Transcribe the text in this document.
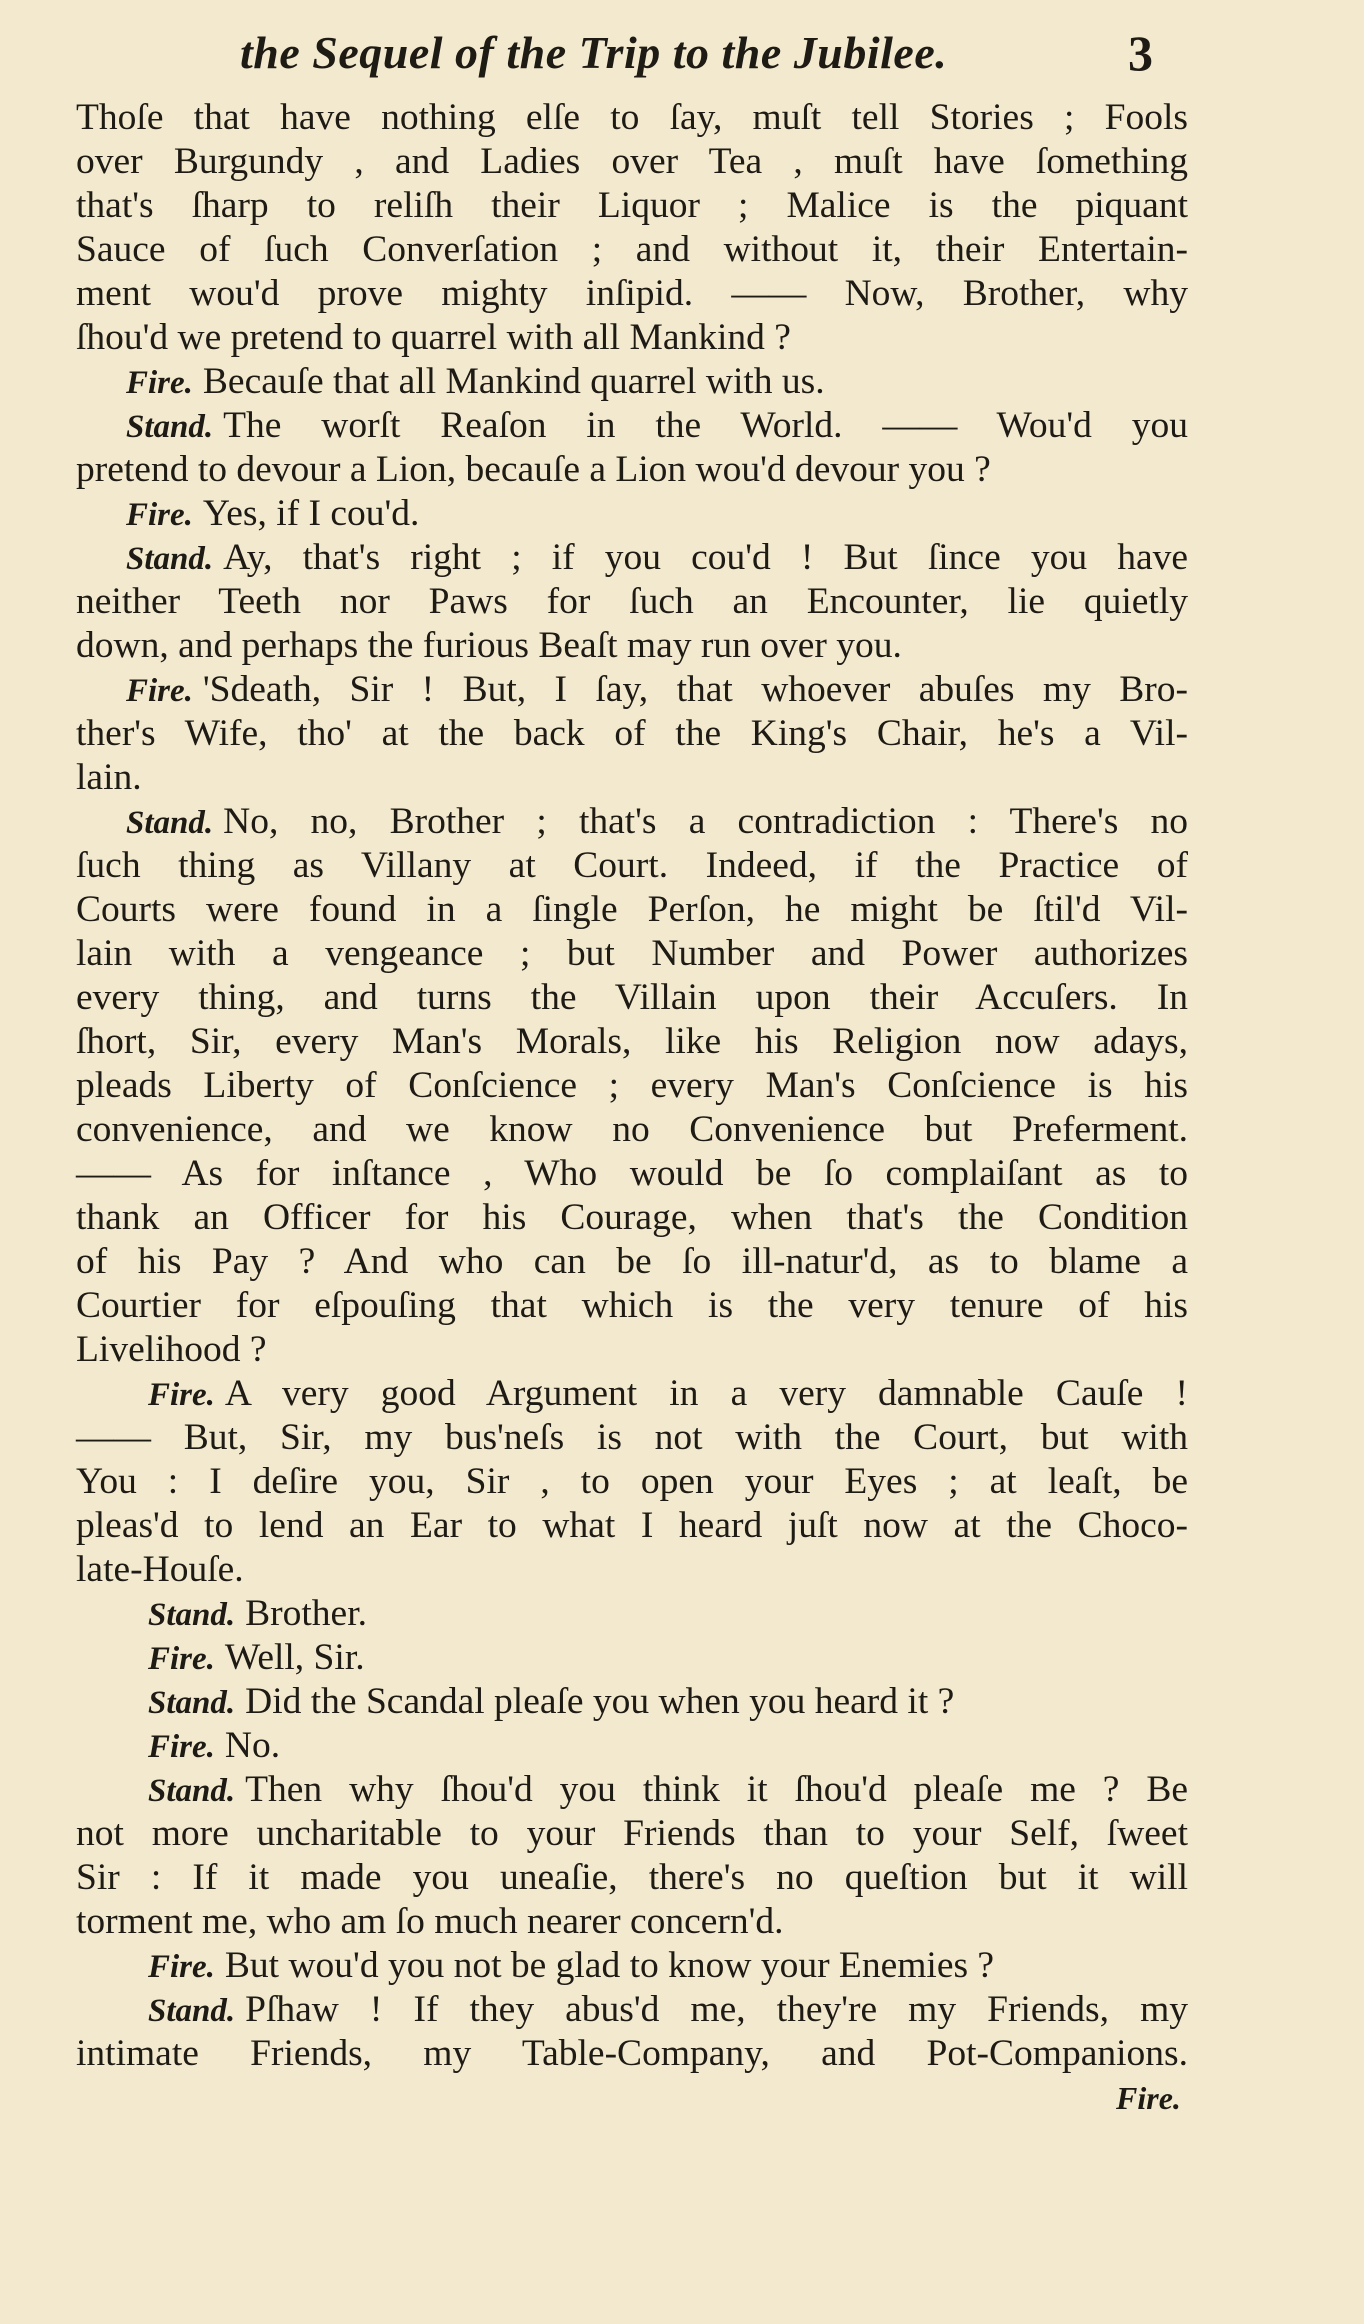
the Sequel of the Trip to the Jubilee.	3
Thoſe that have nothing elſe to ſay, muſt tell Stories ; Fools
over Burgundy , and Ladies over Tea , muſt have ſomething
that's ſharp to reliſh their Liquor ; Malice is the piquant
Sauce of ſuch Converſation ; and without it, their Entertain-
ment wou'd prove mighty inſipid. —— Now, Brother, why
ſhou'd we pretend to quarrel with all Mankind ?
Fire. Becauſe that all Mankind quarrel with us.
Stand. The worſt Reaſon in the World. —— Wou'd you
pretend to devour a Lion, becauſe a Lion wou'd devour you ?
Fire. Yes, if I cou'd.
Stand. Ay, that's right ; if you cou'd ! But ſince you have
neither Teeth nor Paws for ſuch an Encounter, lie quietly
down, and perhaps the furious Beaſt may run over you.
Fire. 'Sdeath, Sir ! But, I ſay, that whoever abuſes my Bro-
ther's Wife, tho' at the back of the King's Chair, he's a Vil-
lain.
Stand. No, no, Brother ; that's a contradiction : There's no
ſuch thing as Villany at Court. Indeed, if the Practice of
Courts were found in a ſingle Perſon, he might be ſtil'd Vil-
lain with a vengeance ; but Number and Power authorizes
every thing, and turns the Villain upon their Accuſers. In
ſhort, Sir, every Man's Morals, like his Religion now adays,
pleads Liberty of Conſcience ; every Man's Conſcience is his
convenience, and we know no Convenience but Preferment.
—— As for inſtance , Who would be ſo complaiſant as to
thank an Officer for his Courage, when that's the Condition
of his Pay ? And who can be ſo ill-natur'd, as to blame a
Courtier for eſpouſing that which is the very tenure of his
Livelihood ?
Fire. A very good Argument in a very damnable Cauſe !
—— But, Sir, my bus'neſs is not with the Court, but with
You : I deſire you, Sir , to open your Eyes ; at leaſt, be
pleas'd to lend an Ear to what I heard juſt now at the Choco-
late-Houſe.
Stand. Brother.
Fire. Well, Sir.
Stand. Did the Scandal pleaſe you when you heard it ?
Fire. No.
Stand. Then why ſhou'd you think it ſhou'd pleaſe me ? Be
not more uncharitable to your Friends than to your Self, ſweet
Sir : If it made you uneaſie, there's no queſtion but it will
torment me, who am ſo much nearer concern'd.
Fire. But wou'd you not be glad to know your Enemies ?
Stand. Pſhaw ! If they abus'd me, they're my Friends, my
intimate Friends, my Table-Company, and Pot-Companions.
Fire.
